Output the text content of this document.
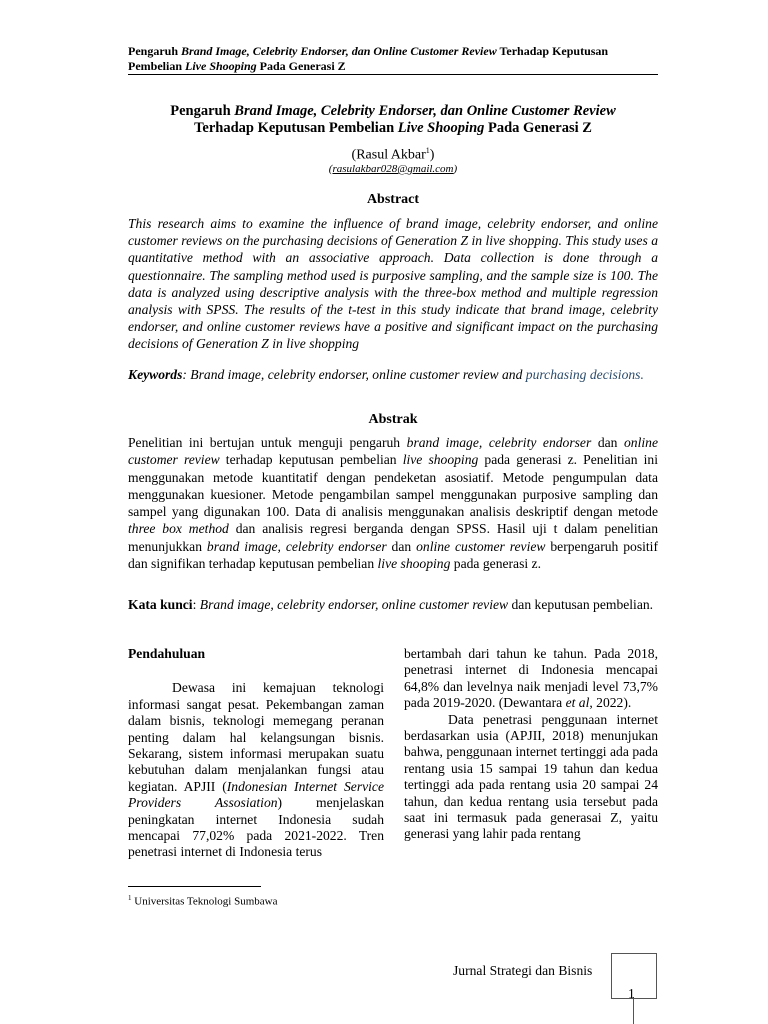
Pengaruh Brand Image, Celebrity Endorser, dan Online Customer Review Terhadap Keputusan
Pembelian Live Shooping Pada Generasi Z
Pengaruh Brand Image, Celebrity Endorser, dan Online Customer Review
Terhadap Keputusan Pembelian Live Shooping Pada Generasi Z
(Rasul Akbar$^1$)
(rasulakbar028@gmail.com)
Abstract
This research aims to examine the influence of brand image, celebrity endorser, and online customer reviews on the purchasing decisions of Generation Z in live shopping. This study uses a quantitative method with an associative approach. Data collection is done through a questionnaire. The sampling method used is purposive sampling, and the sample size is 100. The data is analyzed using descriptive analysis with the three-box method and multiple regression analysis with SPSS. The results of the t-test in this study indicate that brand image, celebrity endorser, and online customer reviews have a positive and significant impact on the purchasing decisions of Generation Z in live shopping
Keywords: Brand image, celebrity endorser, online customer review and purchasing decisions.
Abstrak
Penelitian ini bertujan untuk menguji pengaruh brand image, celebrity endorser dan online customer review terhadap keputusan pembelian live shooping pada generasi z. Penelitian ini menggunakan metode kuantitatif dengan pendeketan asosiatif. Metode pengumpulan data menggunakan kuesioner. Metode pengambilan sampel menggunakan purposive sampling dan sampel yang digunakan 100. Data di analisis menggunakan analisis deskriptif dengan metode three box method dan analisis regresi berganda dengan SPSS. Hasil uji t dalam penelitian menunjukkan brand image, celebrity endorser dan online customer review berpengaruh positif dan signifikan terhadap keputusan pembelian live shooping pada generasi z.
Kata kunci: Brand image, celebrity endorser, online customer review dan keputusan pembelian.
Pendahuluan

Dewasa ini kemajuan teknologi informasi sangat pesat. Pekembangan zaman dalam bisnis, teknologi memegang peranan penting dalam hal kelangsungan bisnis. Sekarang, sistem informasi merupakan suatu kebutuhan dalam menjalankan fungsi atau kegiatan. APJII (Indonesian Internet Service Providers Assosiation) menjelaskan peningkatan internet Indonesia sudah mencapai 77,02% pada 2021-2022. Tren penetrasi internet di Indonesia terus

bertambah dari tahun ke tahun. Pada 2018, penetrasi internet di Indonesia mencapai 64,8% dan levelnya naik menjadi level 73,7% pada 2019-2020. (Dewantara et al, 2022).

Data penetrasi penggunaan internet berdasarkan usia (APJII, 2018) menunjukan bahwa, penggunaan internet tertinggi ada pada rentang usia 15 sampai 19 tahun dan kedua tertinggi ada pada rentang usia 20 sampai 24 tahun, dan kedua rentang usia tersebut pada saat ini termasuk pada generasai Z, yaitu generasi yang lahir pada rentang

$^1$ Universitas Teknologi Sumbawa
Jurnal Strategi dan Bisnis
1
